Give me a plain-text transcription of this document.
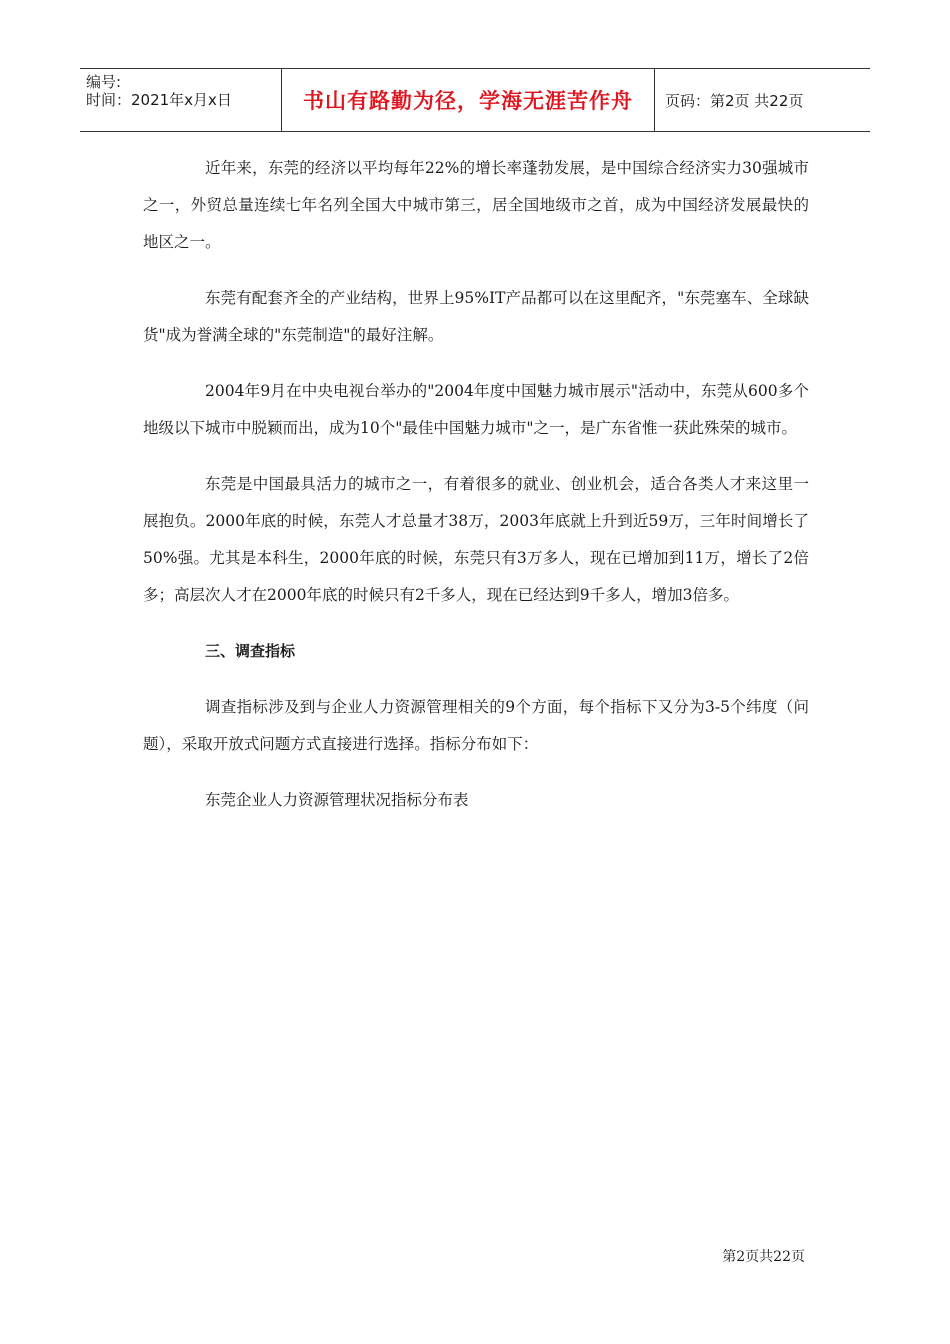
编号:
时间：2021年x月x日	书山有路勤为径，学海无涯苦作舟	页码：第2页 共22页

近年来，东莞的经济以平均每年22%的增长率蓬勃发展，是中国综合经济实力30强城市之一，外贸总量连续七年名列全国大中城市第三，居全国地级市之首，成为中国经济发展最快的地区之一。

东莞有配套齐全的产业结构，世界上95%IT产品都可以在这里配齐，"东莞塞车、全球缺货"成为誉满全球的"东莞制造"的最好注解。

2004年9月在中央电视台举办的"2004年度中国魅力城市展示"活动中，东莞从600多个地级以下城市中脱颖而出，成为10个"最佳中国魅力城市"之一，是广东省惟一获此殊荣的城市。

东莞是中国最具活力的城市之一，有着很多的就业、创业机会，适合各类人才来这里一展抱负。2000年底的时候，东莞人才总量才38万，2003年底就上升到近59万，三年时间增长了50%强。尤其是本科生，2000年底的时候，东莞只有3万多人，现在已增加到11万，增长了2倍多；高层次人才在2000年底的时候只有2千多人，现在已经达到9千多人，增加3倍多。

三、调查指标

调查指标涉及到与企业人力资源管理相关的9个方面，每个指标下又分为3-5个纬度（问题），采取开放式问题方式直接进行选择。指标分布如下：

东莞企业人力资源管理状况指标分布表

第2页共22页
